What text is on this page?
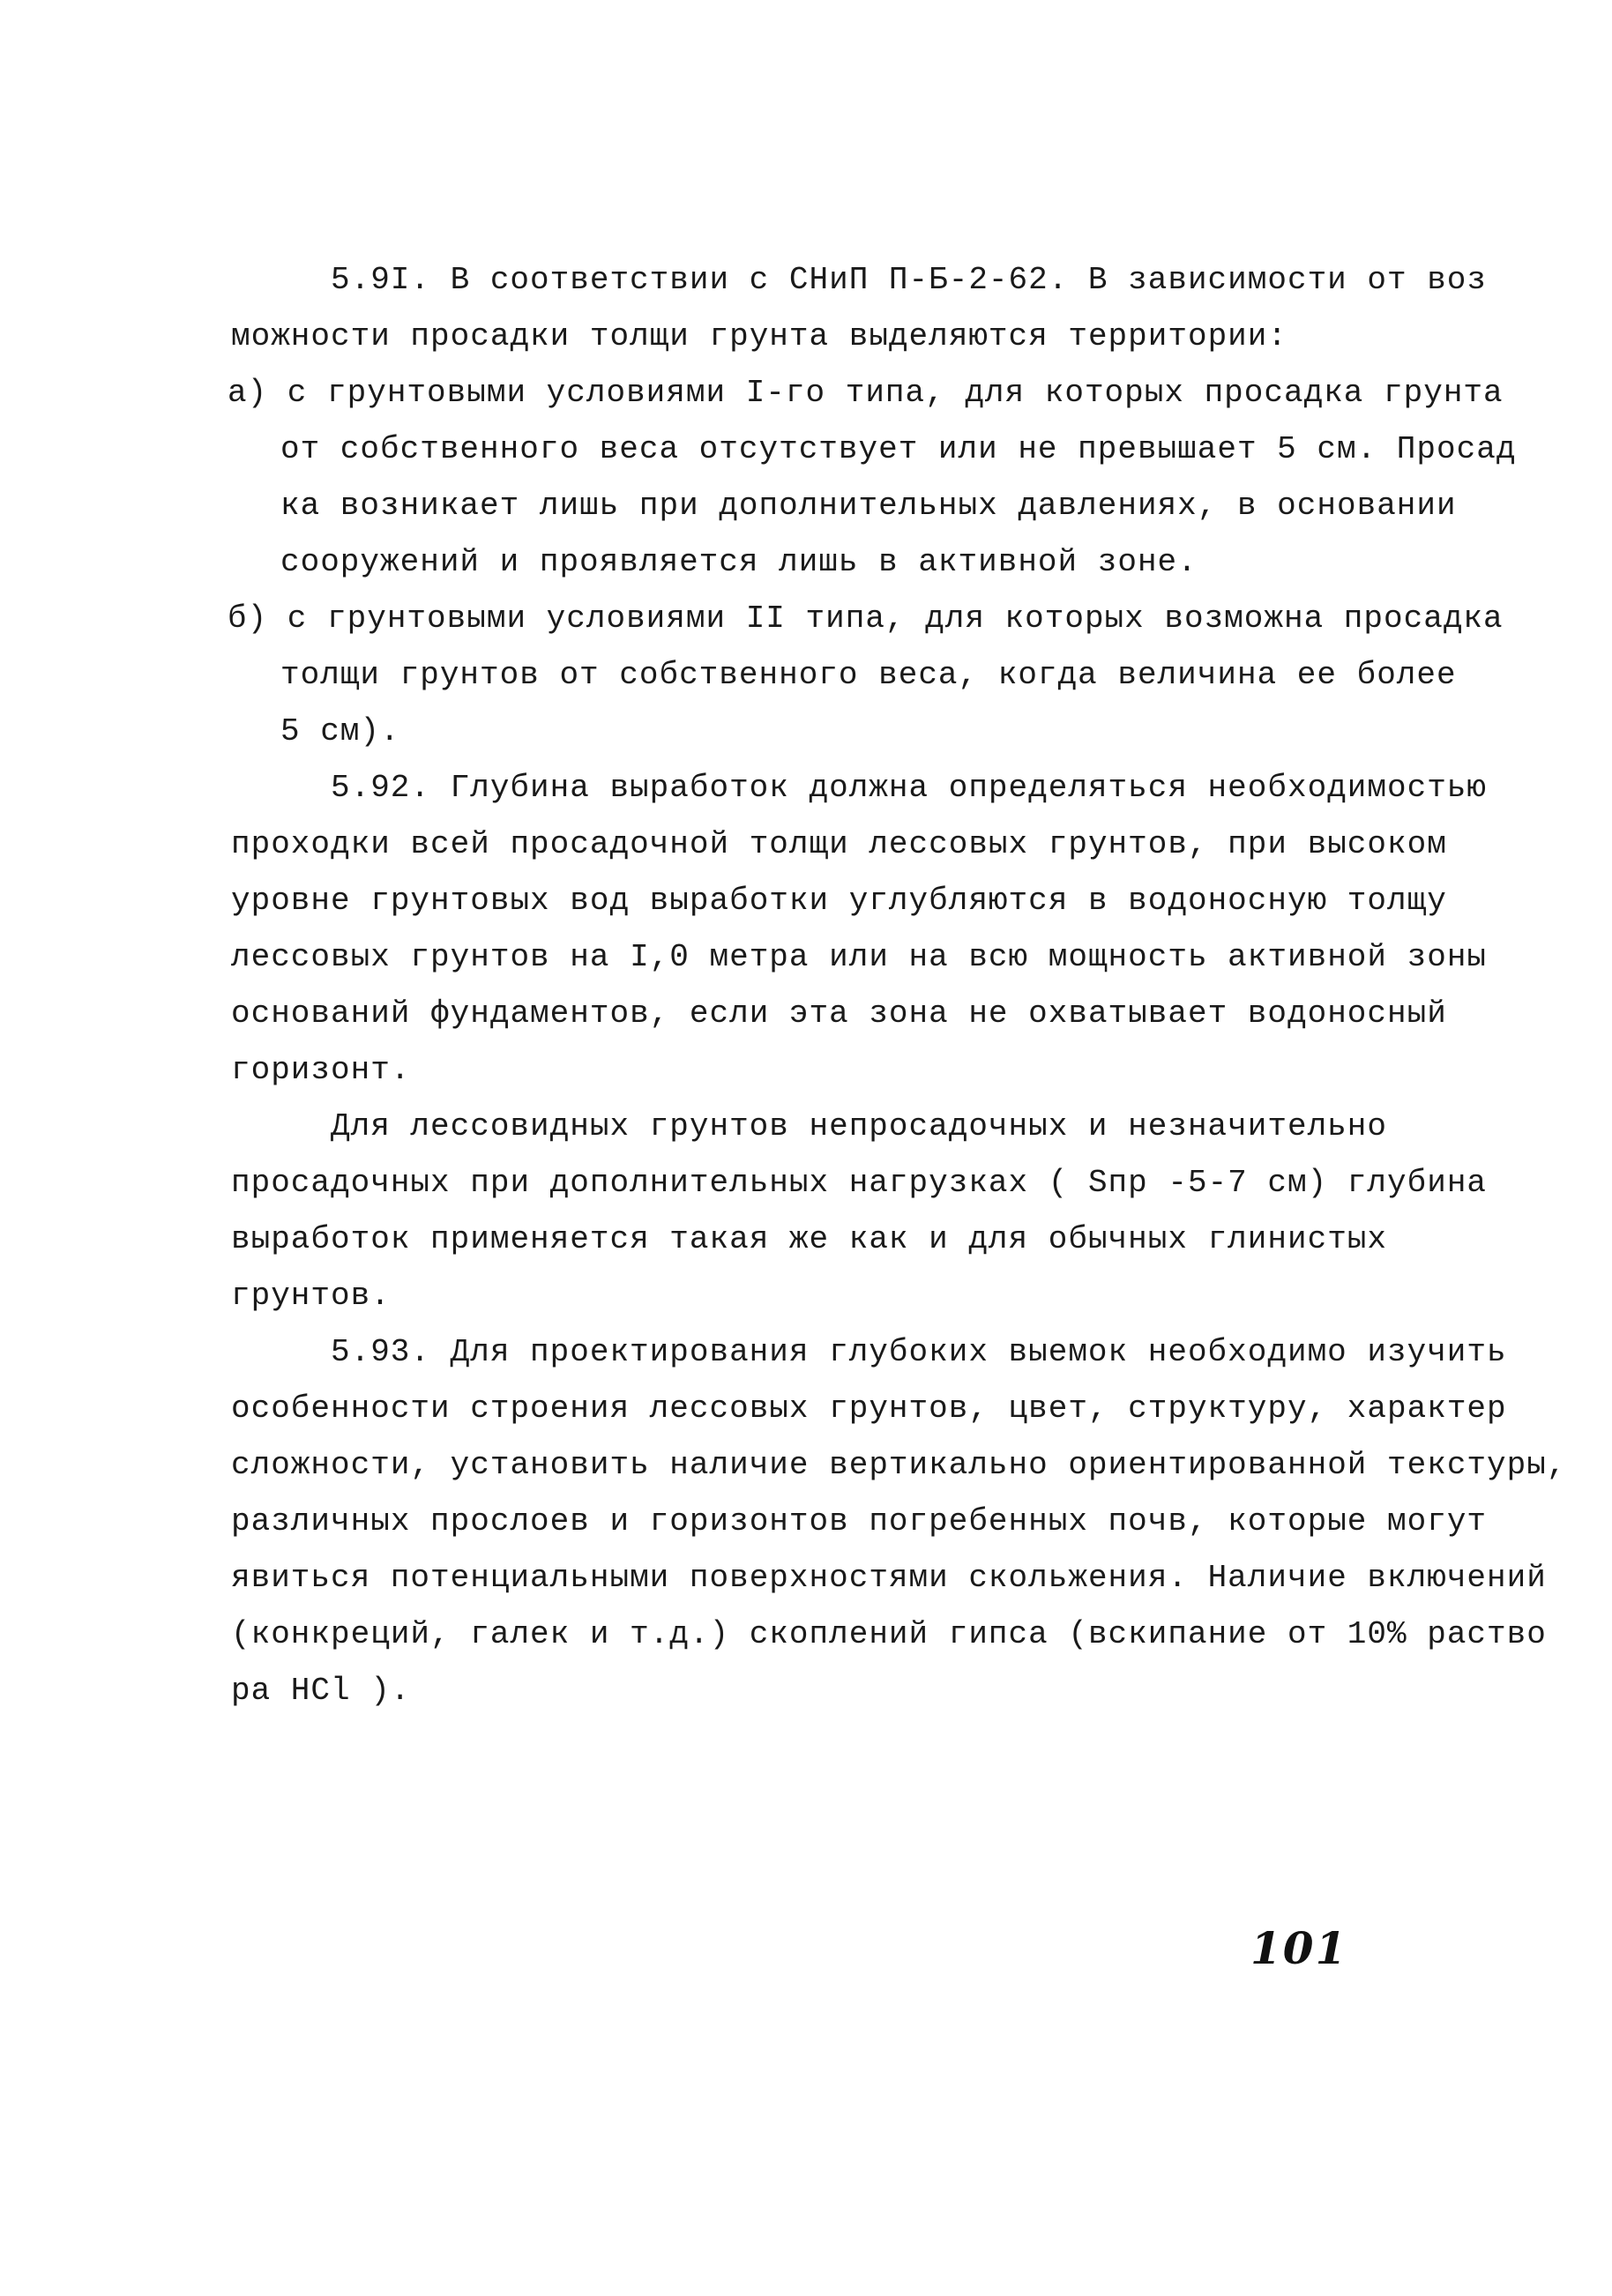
5.9I. В соответствии с СНиП П-Б-2-62. В зависимости от воз
можности просадки толщи грунта выделяются территории:
а) с грунтовыми условиями I-го типа, для которых просадка грунта
от собственного веса отсутствует или не превышает 5 см. Просад
ка возникает лишь при дополнительных давлениях, в основании
сооружений и проявляется лишь в активной зоне.
б) с грунтовыми условиями II типа, для которых возможна просадка
толщи грунтов от собственного веса, когда величина ее более
5 см).
5.92. Глубина выработок должна определяться необходимостью
проходки всей просадочной толщи лессовых грунтов, при высоком
уровне грунтовых вод выработки углубляются в водоносную толщу
лессовых грунтов на I,0 метра или на всю мощность активной зоны
оснований фундаментов, если эта зона не охватывает водоносный
горизонт.
Для лессовидных грунтов непросадочных и незначительно
просадочных при дополнительных нагрузках ( Sпр -5-7 см) глубина
выработок применяется такая же как и для обычных глинистых
грунтов.
5.93. Для проектирования глубоких выемок необходимо изучить
особенности строения лессовых грунтов, цвет, структуру, характер
сложности, установить наличие вертикально ориентированной текстуры,
различных прослоев и горизонтов погребенных почв, которые могут
явиться потенциальными поверхностями скольжения. Наличие включений
(конкреций, галек и т.д.) скоплений гипса (вскипание от 10% раство
ра HCl ).
101
